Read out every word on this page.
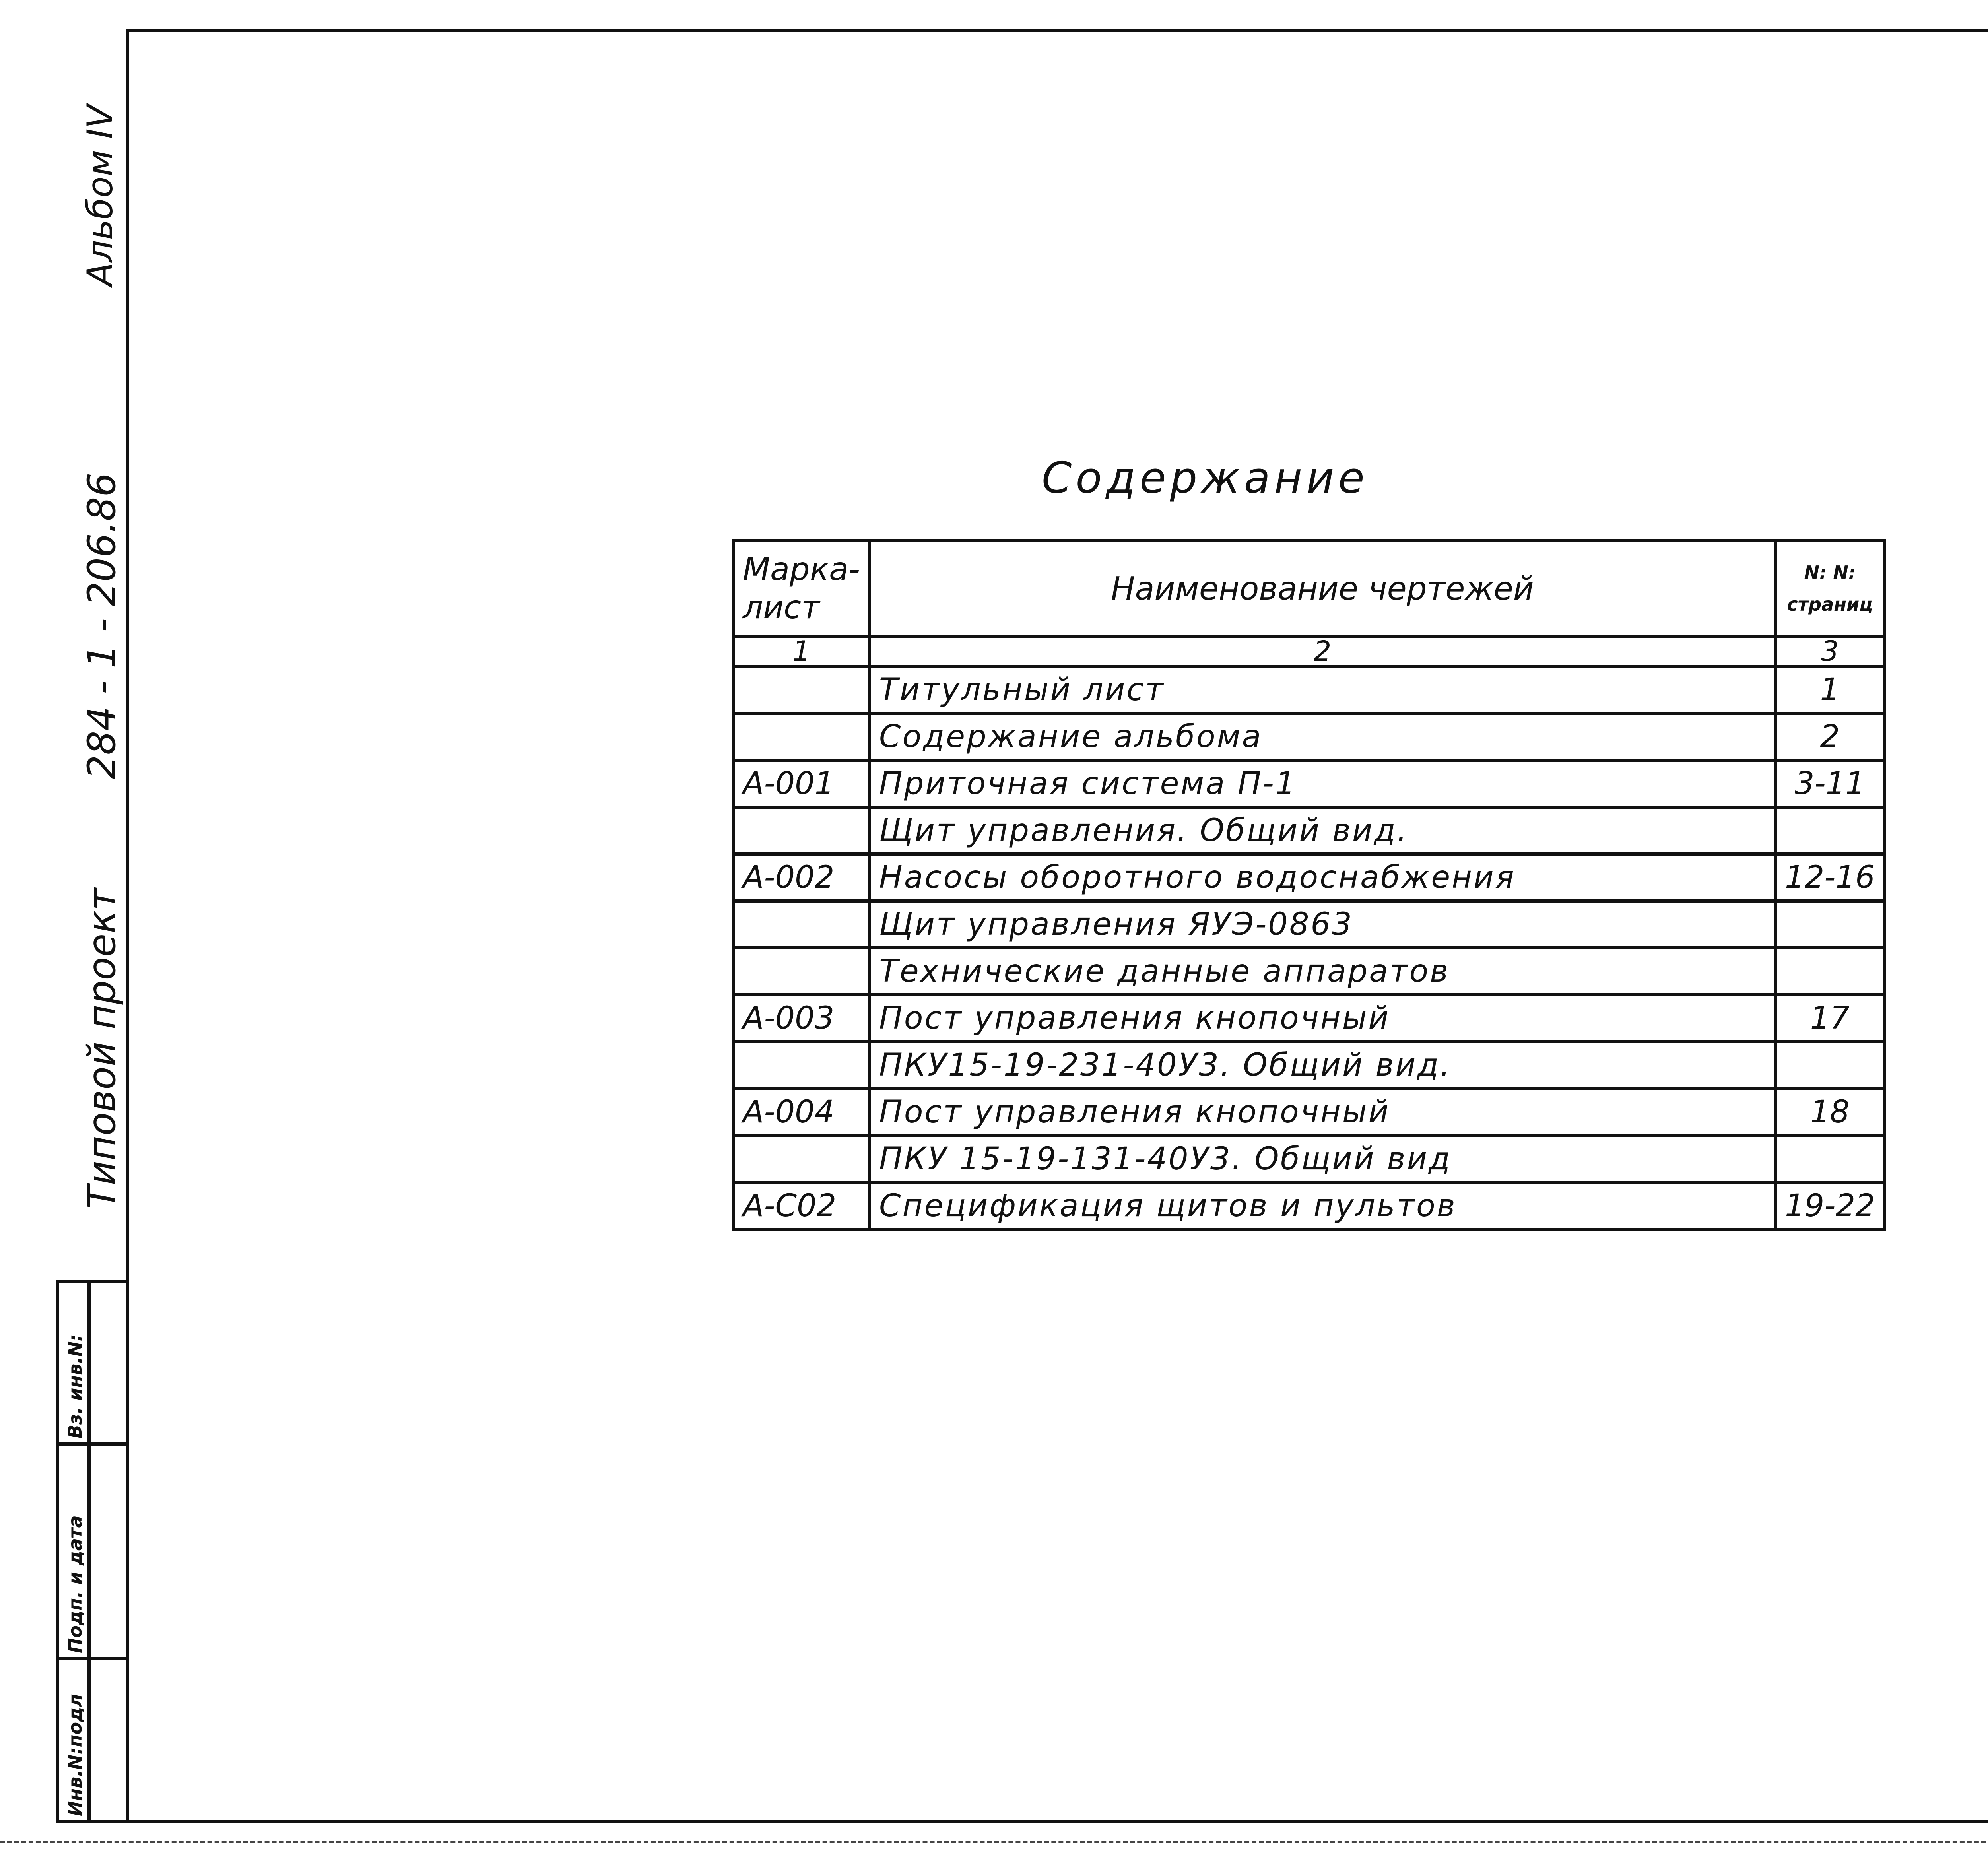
Альбом IV
284 - 1 - 206.86
Типовой проект
Инв.N:подл
Подп. и дата
Вз. инв.N:
Содержание
Марка-
лист	Наименование чертежей	N: N:
страниц
1	2	3
	Титульный лист	1
	Содержание альбома	2
А-001	Приточная система П-1	3-11
	Щит управления. Общий вид.	
А-002	Насосы оборотного водоснабжения	12-16
	Щит управления ЯУЭ-0863	
	Технические данные аппаратов	
А-003	Пост управления кнопочный	17
	ПКУ15-19-231-40У3. Общий вид.	
А-004	Пост управления кнопочный	18
	ПКУ 15-19-131-40У3. Общий вид	
А-С02	Спецификация щитов и пультов	19-22
